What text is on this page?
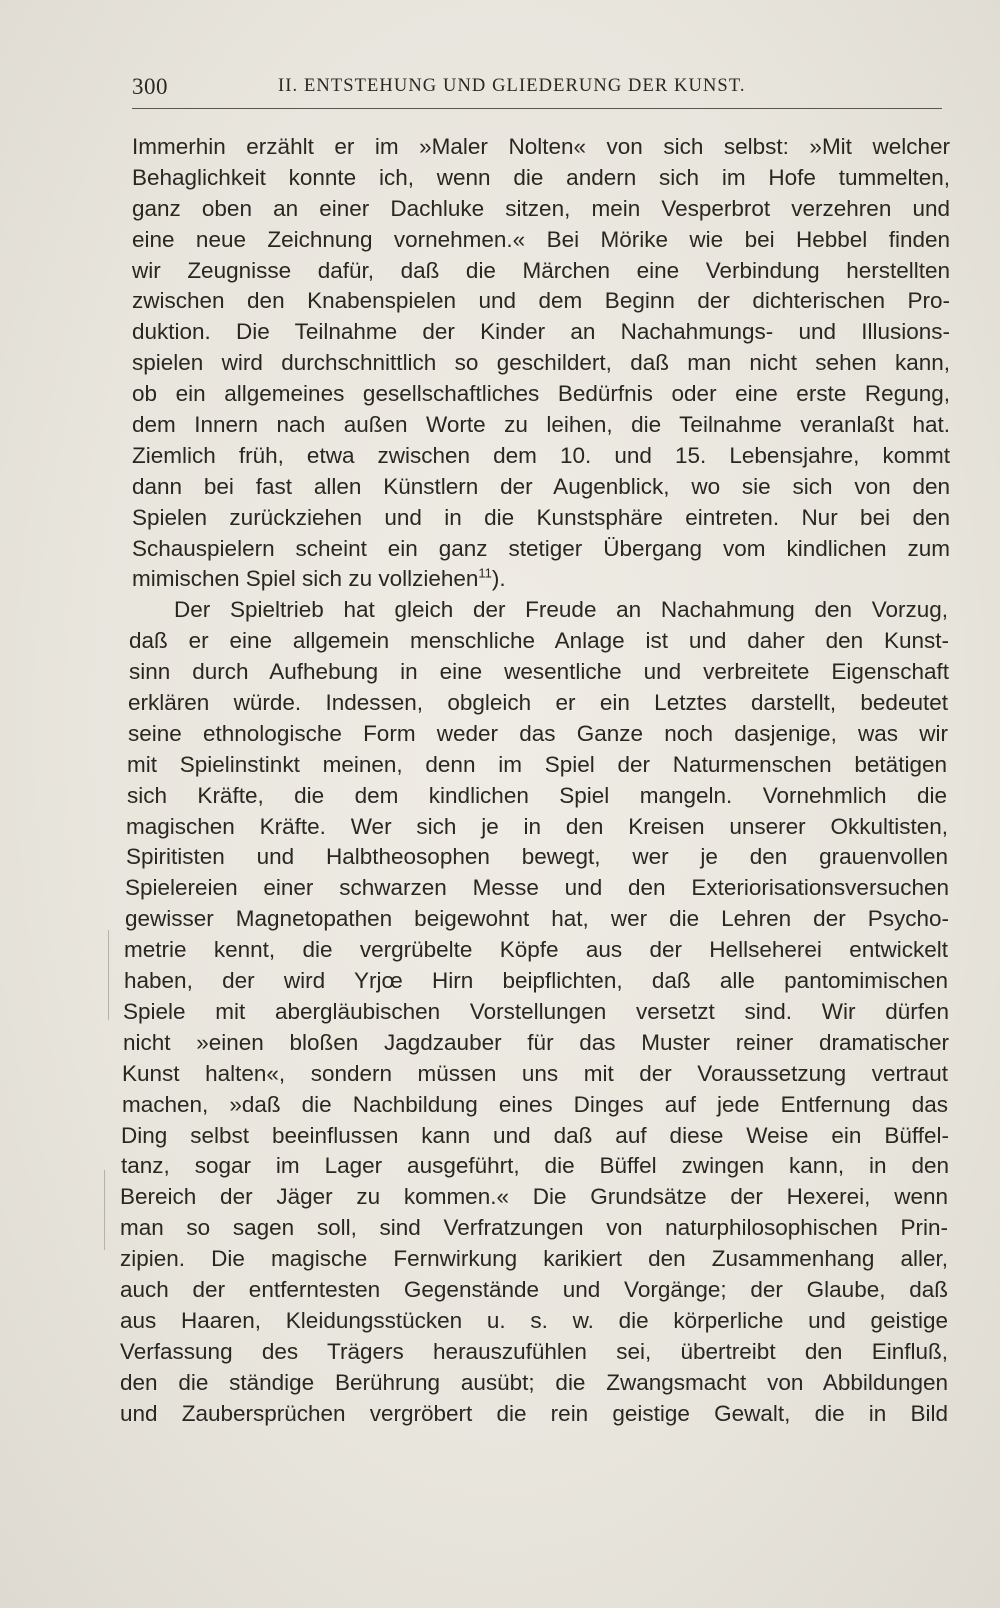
300	II. ENTSTEHUNG UND GLIEDERUNG DER KUNST.
Immerhin erzählt er im »Maler Nolten« von sich selbst: »Mit welcher
Behaglichkeit konnte ich, wenn die andern sich im Hofe tummelten,
ganz oben an einer Dachluke sitzen, mein Vesperbrot verzehren und
eine neue Zeichnung vornehmen.« Bei Mörike wie bei Hebbel finden
wir Zeugnisse dafür, daß die Märchen eine Verbindung herstellten
zwischen den Knabenspielen und dem Beginn der dichterischen Pro-
duktion. Die Teilnahme der Kinder an Nachahmungs- und Illusions-
spielen wird durchschnittlich so geschildert, daß man nicht sehen kann,
ob ein allgemeines gesellschaftliches Bedürfnis oder eine erste Regung,
dem Innern nach außen Worte zu leihen, die Teilnahme veranlaßt hat.
Ziemlich früh, etwa zwischen dem 10. und 15. Lebensjahre, kommt
dann bei fast allen Künstlern der Augenblick, wo sie sich von den
Spielen zurückziehen und in die Kunstsphäre eintreten. Nur bei den
Schauspielern scheint ein ganz stetiger Übergang vom kindlichen zum
mimischen Spiel sich zu vollziehen$^{11}$).
Der Spieltrieb hat gleich der Freude an Nachahmung den Vorzug,
daß er eine allgemein menschliche Anlage ist und daher den Kunst-
sinn durch Aufhebung in eine wesentliche und verbreitete Eigenschaft
erklären würde. Indessen, obgleich er ein Letztes darstellt, bedeutet
seine ethnologische Form weder das Ganze noch dasjenige, was wir
mit Spielinstinkt meinen, denn im Spiel der Naturmenschen betätigen
sich Kräfte, die dem kindlichen Spiel mangeln. Vornehmlich die
magischen Kräfte. Wer sich je in den Kreisen unserer Okkultisten,
Spiritisten und Halbtheosophen bewegt, wer je den grauenvollen
Spielereien einer schwarzen Messe und den Exteriorisationsversuchen
gewisser Magnetopathen beigewohnt hat, wer die Lehren der Psycho-
metrie kennt, die vergrübelte Köpfe aus der Hellseherei entwickelt
haben, der wird Yrjœ Hirn beipflichten, daß alle pantomimischen
Spiele mit abergläubischen Vorstellungen versetzt sind. Wir dürfen
nicht »einen bloßen Jagdzauber für das Muster reiner dramatischer
Kunst halten«, sondern müssen uns mit der Voraussetzung vertraut
machen, »daß die Nachbildung eines Dinges auf jede Entfernung das
Ding selbst beeinflussen kann und daß auf diese Weise ein Büffel-
tanz, sogar im Lager ausgeführt, die Büffel zwingen kann, in den
Bereich der Jäger zu kommen.« Die Grundsätze der Hexerei, wenn
man so sagen soll, sind Verfratzungen von naturphilosophischen Prin-
zipien. Die magische Fernwirkung karikiert den Zusammenhang aller,
auch der entferntesten Gegenstände und Vorgänge; der Glaube, daß
aus Haaren, Kleidungsstücken u. s. w. die körperliche und geistige
Verfassung des Trägers herauszufühlen sei, übertreibt den Einfluß,
den die ständige Berührung ausübt; die Zwangsmacht von Abbildungen
und Zaubersprüchen vergröbert die rein geistige Gewalt, die in Bild
